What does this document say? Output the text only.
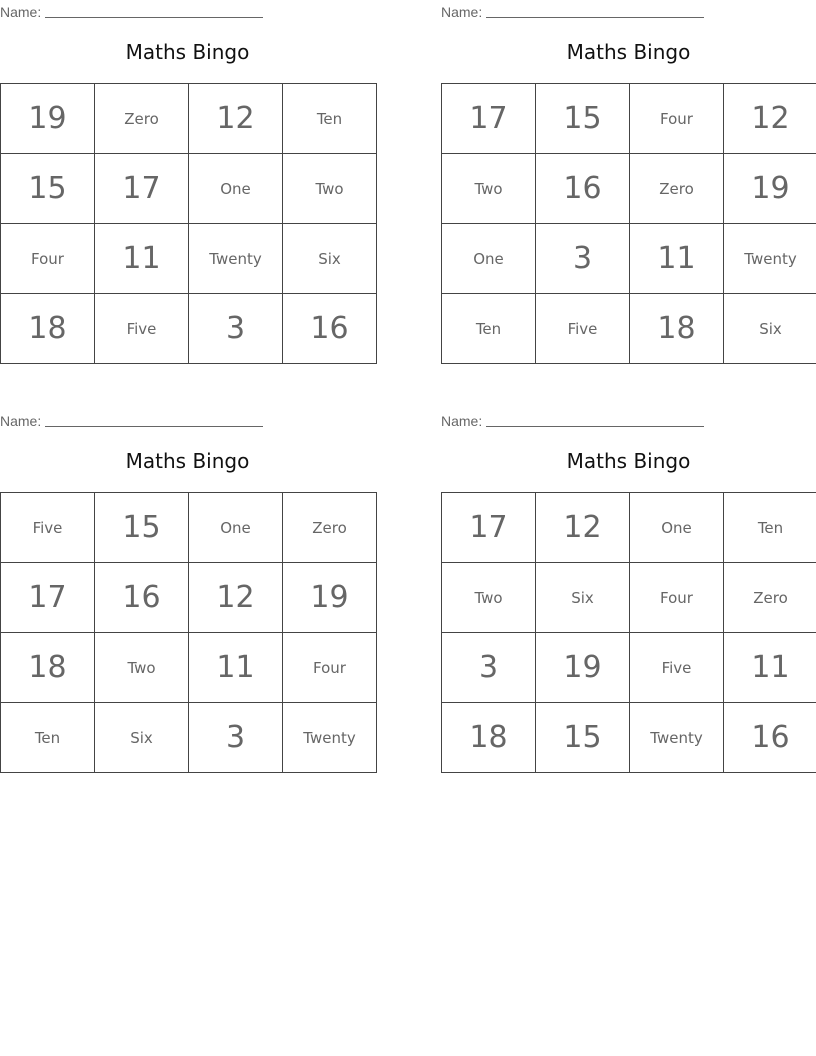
Name:
Maths Bingo
19	Zero	12	Ten
15	17	One	Two
Four	11	Twenty	Six
18	Five	3	16
Name:
Maths Bingo
17	15	Four	12
Two	16	Zero	19
One	3	11	Twenty
Ten	Five	18	Six
Name:
Maths Bingo
Five	15	One	Zero
17	16	12	19
18	Two	11	Four
Ten	Six	3	Twenty
Name:
Maths Bingo
17	12	One	Ten
Two	Six	Four	Zero
3	19	Five	11
18	15	Twenty	16
